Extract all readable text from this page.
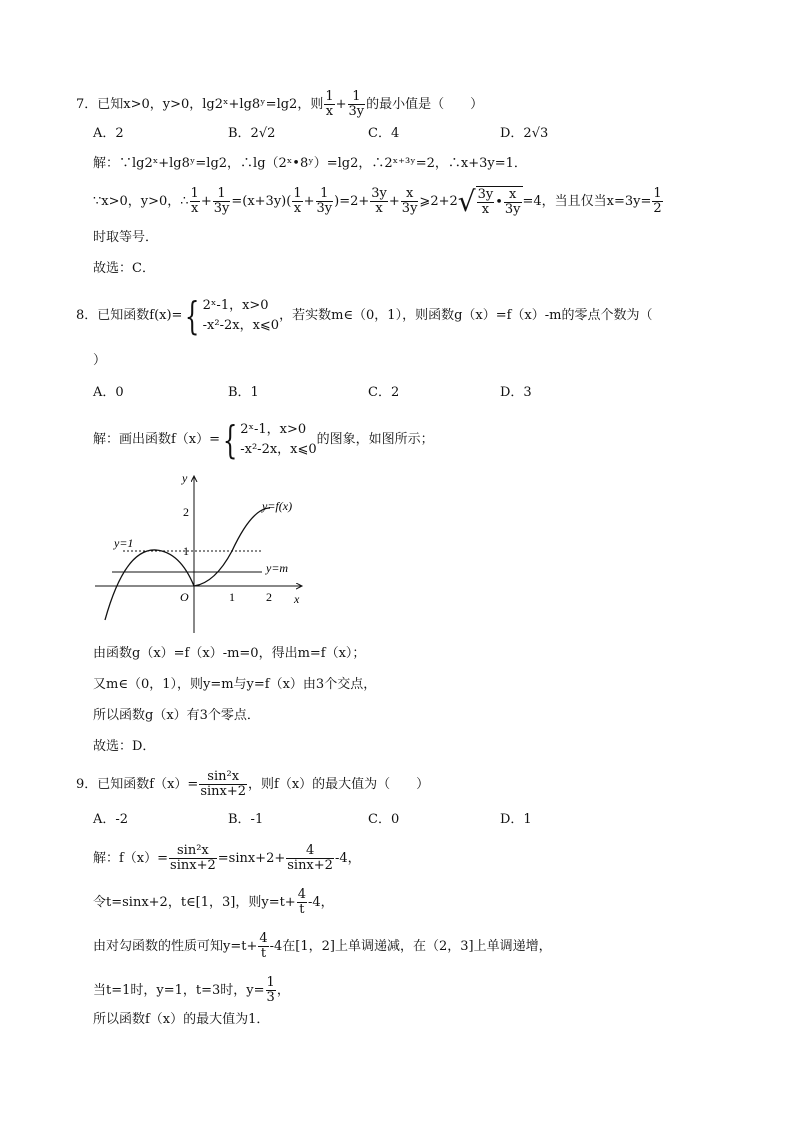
7．已知x>0，y>0，lg2ˣ+lg8ʸ=lg2，则 $\frac{1}{x} + \frac{1}{3y}$ 的最小值是（　　）
A．2	B．2√2	C．4	D．2√3
解：∵lg2ˣ+lg8ʸ=lg2，∴lg（2ˣ•8ʸ）=lg2，∴2ˣ⁺³ʸ=2，∴x+3y=1．
∵x>0，y>0，∴ $\frac{1}{x} + \frac{1}{3y} =(x+3y)( \frac{1}{x} + \frac{1}{3y} )=2+ \frac{3y}{x} + \frac{x}{3y}$ ⩾2+2 √ $\frac{3y}{x}$ • $\frac{x}{3y} =4$，当且仅当$x=3y= \frac{1}{2}$
时取等号．
故选：C．
8．已知函数f(x)= { 2ˣ-1，x>0
-x²-2x，x⩽0
，若实数m∈（0，1），则函数g（x）=f（x）-m的零点个数为（
）
A．0	B．1	C．2	D．3
解：画出函数f（x）= { 2ˣ-1，x>0
-x²-2x，x⩽0
的图象，如图所示；
y
x
O	1	2
1
2	y=f(x)
y=m
y=1
由函数g（x）=f（x）-m=0，得出m=f（x）；
又m∈（0，1），则y=m与y=f（x）由3个交点，
所以函数g（x）有3个零点．
故选：D．
9．已知函数$f(x)= \frac{\text{sin²x}}{\sin x+2}$ ，则f（x）的最大值为（　　）
A．-2	B．-1	C．0	D．1
解：$f(x)= \frac{\text{sin²x}}{\sin x+2} =\sin x+2+ \frac{4}{\sin x+2} -4$，
令t=sinx+2，t∈[1，3]，则$y=t+ \frac{4}{t} -4$，
由对勾函数的性质可知$y=t+ \frac{4}{t} -4$在[1，2]上单调递减，在（2，3]上单调递增，
当t=1时，y=1，t=3时，$y= \frac{1}{3}$ ，
所以函数f（x）的最大值为1．
